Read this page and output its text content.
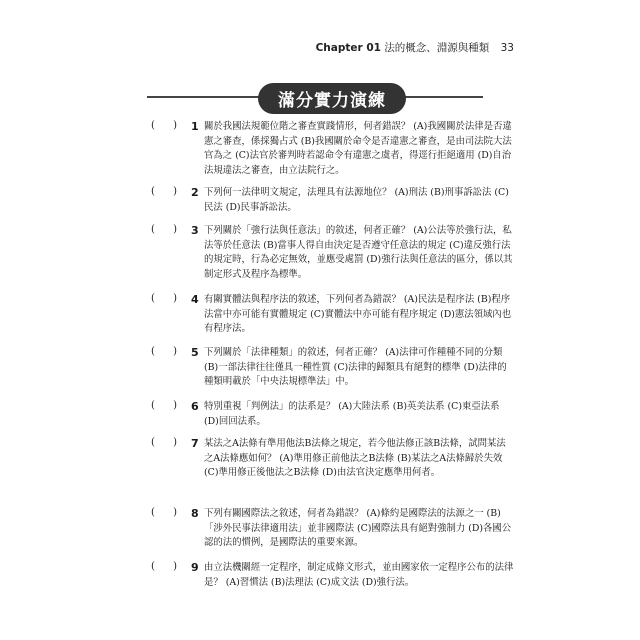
Chapter 01 法的概念、淵源與種類 33
滿分實力演練
( ) 1 關於我國法規範位階之審查實踐情形，何者錯誤？ (A)我國關於法律是否違憲之審查，係採獨占式 (B)我國關於命令是否違憲之審查，是由司法院大法官為之 (C)法官於審判時若認命令有違憲之虞者，得逕行拒絕適用 (D)自治法規違法之審查，由立法院行之。
( ) 2 下列何一法律明文規定，法理具有法源地位？ (A)刑法 (B)刑事訴訟法 (C)民法 (D)民事訴訟法。
( ) 3 下列關於「強行法與任意法」的敘述，何者正確？ (A)公法等於強行法，私法等於任意法 (B)當事人得自由決定是否遵守任意法的規定 (C)違反強行法的規定時，行為必定無效，並應受處罰 (D)強行法與任意法的區分，係以其制定形式及程序為標準。
( ) 4 有關實體法與程序法的敘述，下列何者為錯誤？ (A)民法是程序法 (B)程序法當中亦可能有實體規定 (C)實體法中亦可能有程序規定 (D)憲法領域內也有程序法。
( ) 5 下列關於「法律種類」的敘述，何者正確？ (A)法律可作種種不同的分類 (B)一部法律往往僅具一種性質 (C)法律的歸類具有絕對的標準 (D)法律的種類明載於「中央法規標準法」中。
( ) 6 特別重視「判例法」的法系是？ (A)大陸法系 (B)英美法系 (C)東亞法系 (D)回回法系。
( ) 7 某法之A法條有準用他法B法條之規定，若今他法修正該B法條，試問某法之A法條應如何？ (A)準用修正前他法之B法條 (B)某法之A法條歸於失效 (C)準用修正後他法之B法條 (D)由法官決定應準用何者。
( ) 8 下列有關國際法之敘述，何者為錯誤？ (A)條約是國際法的法源之一 (B)「涉外民事法律適用法」並非國際法 (C)國際法具有絕對強制力 (D)各國公認的法的慣例，是國際法的重要來源。
( ) 9 由立法機關經一定程序，制定成條文形式，並由國家依一定程序公布的法律是？ (A)習慣法 (B)法理法 (C)成文法 (D)強行法。
